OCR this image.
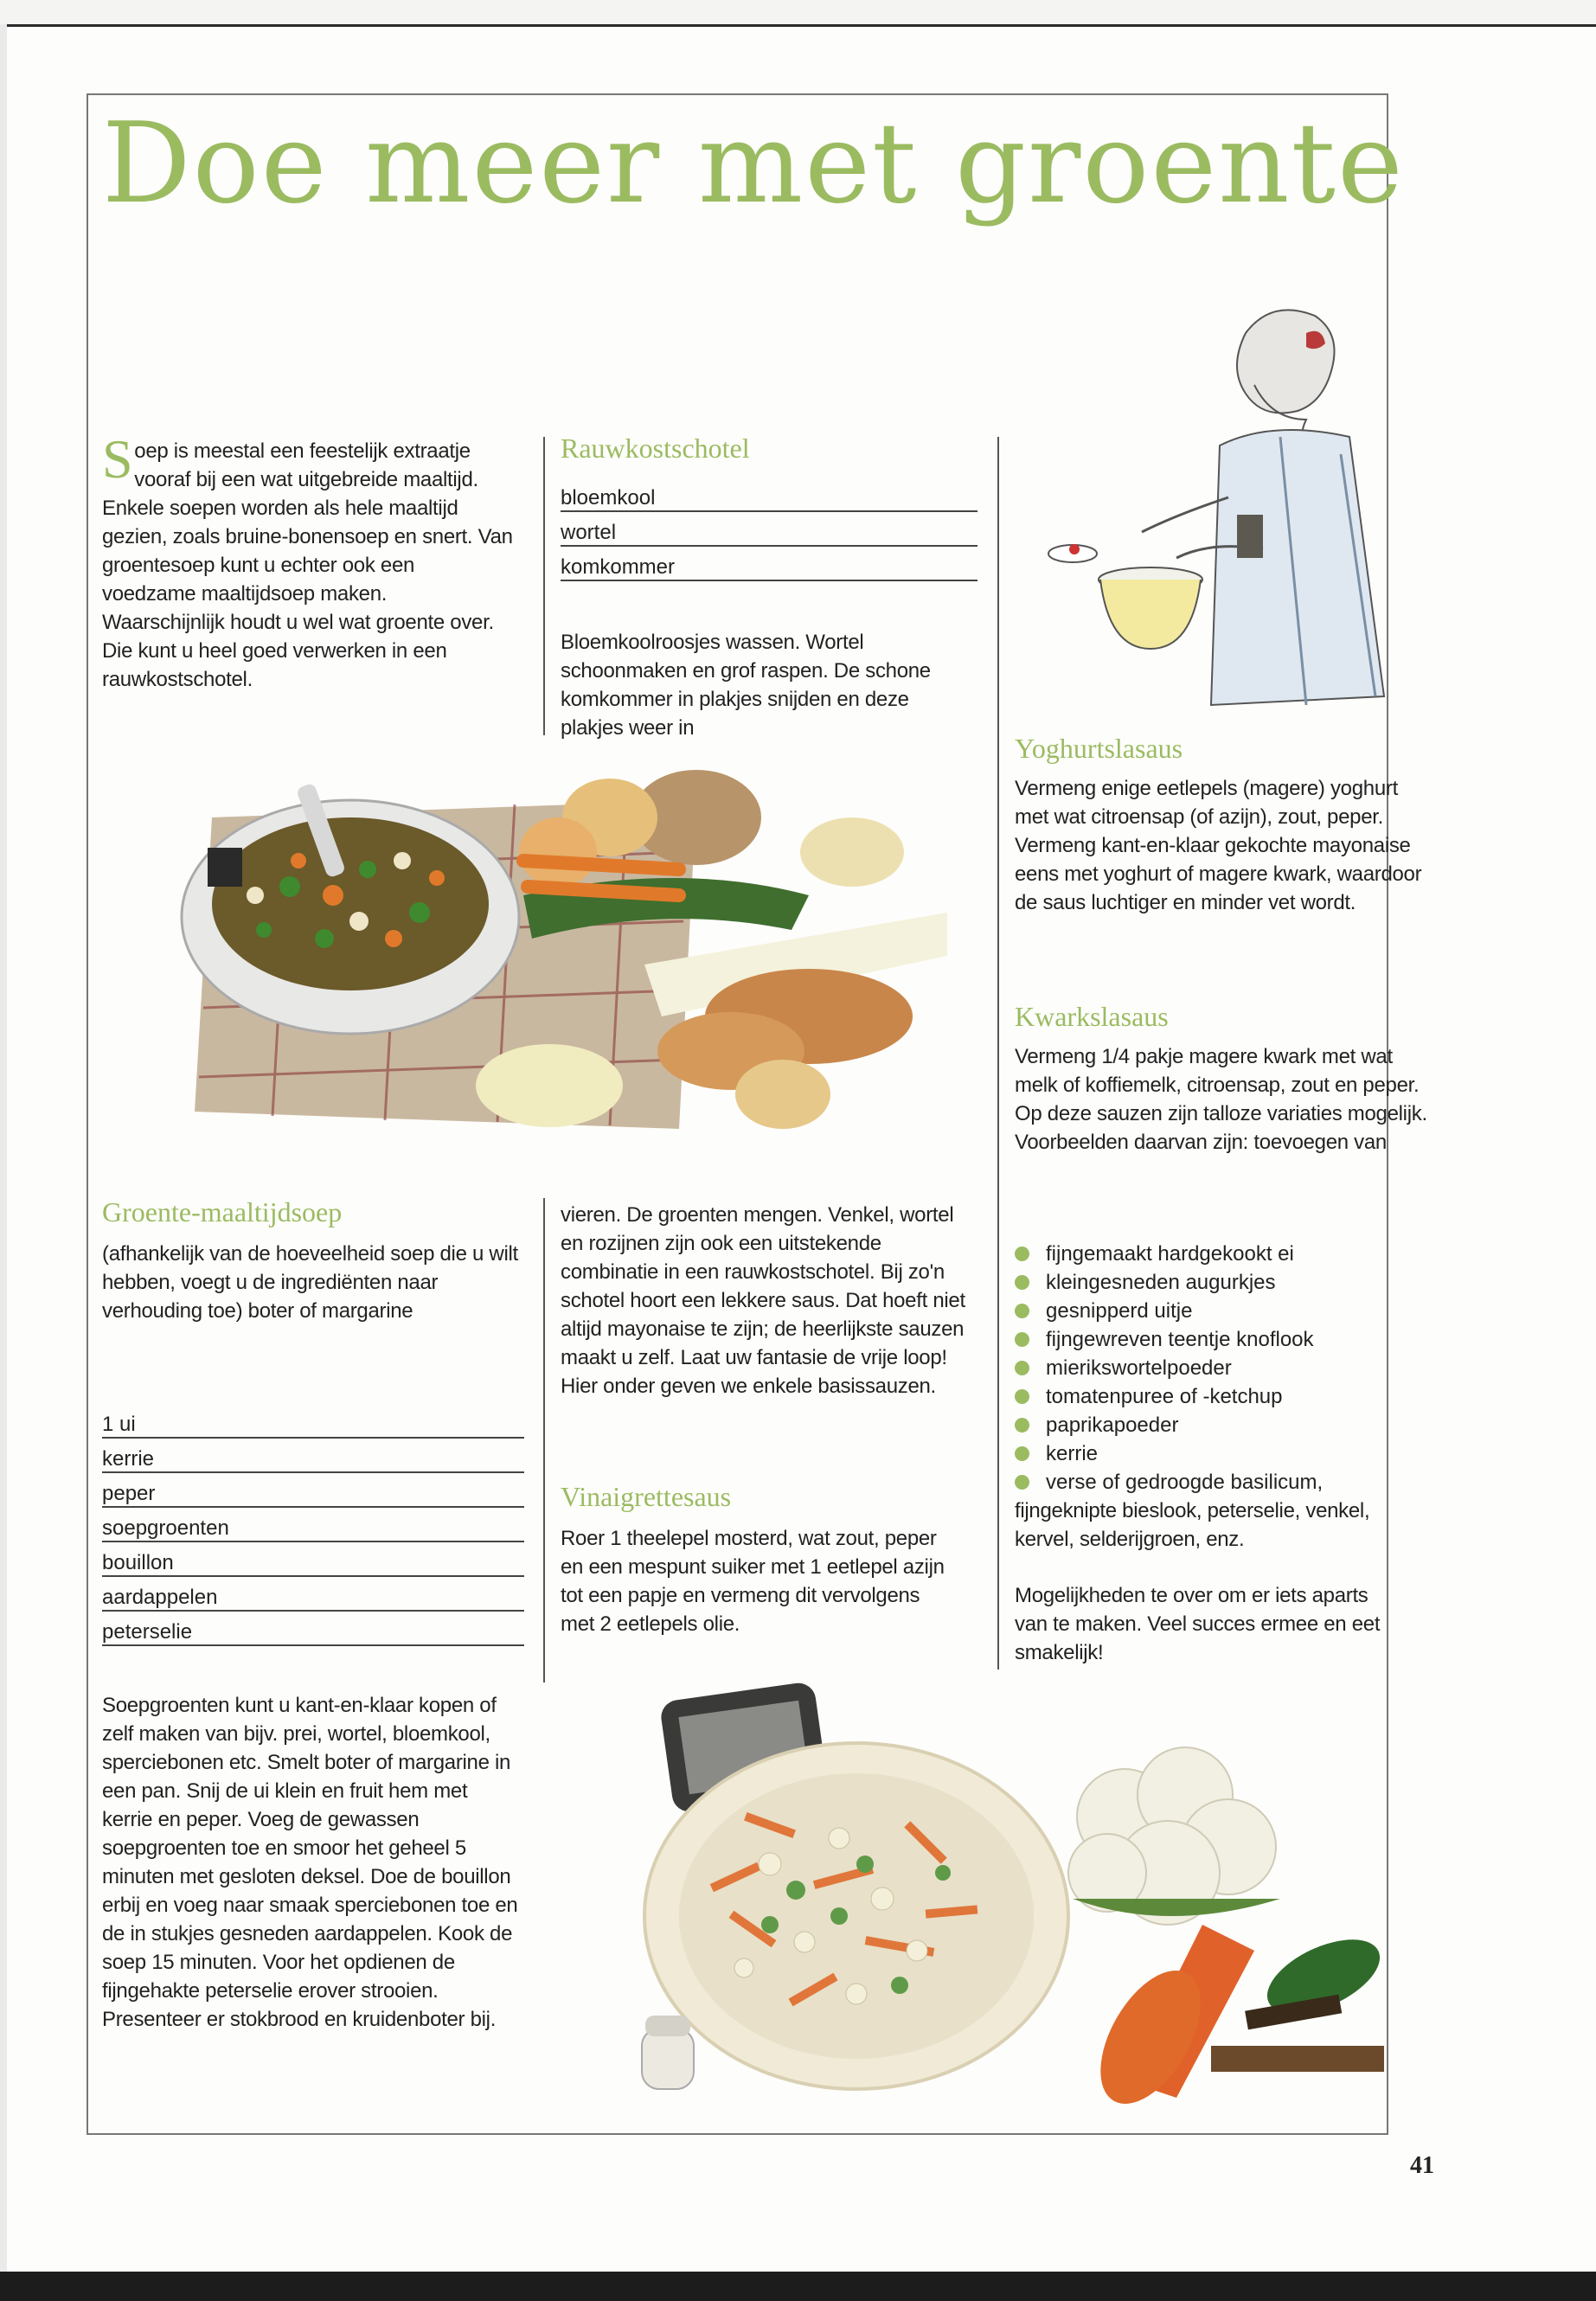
Doe meer met groente
Soep is meestal een feestelijk extraatje vooraf bij een wat uitgebreide maaltijd. Enkele soepen worden als hele maaltijd gezien, zoals bruine-bonensoep en snert. Van groentesoep kunt u echter ook een voedzame maaltijdsoep maken. Waarschijnlijk houdt u wel wat groente over. Die kunt u heel goed verwerken in een rauwkostschotel.
Rauwkostschotel
bloemkool
wortel
komkommer
Bloemkoolroosjes wassen. Wortel schoonmaken en grof raspen. De schone komkommer in plakjes snijden en deze plakjes weer in
Groente-maaltijdsoep
(afhankelijk van de hoeveelheid soep die u wilt hebben, voegt u de ingrediënten naar verhouding toe) boter of margarine
1 ui
kerrie
peper
soepgroenten
bouillon
aardappelen
peterselie
Soepgroenten kunt u kant-en-klaar kopen of zelf maken van bijv. prei, wortel, bloemkool, sperciebonen etc. Smelt boter of margarine in een pan. Snij de ui klein en fruit hem met kerrie en peper. Voeg de gewassen soepgroenten toe en smoor het geheel 5 minuten met gesloten deksel. Doe de bouillon erbij en voeg naar smaak sperciebonen toe en de in stukjes gesneden aardappelen. Kook de soep 15 minuten. Voor het opdienen de fijngehakte peterselie erover strooien. Presenteer er stokbrood en kruidenboter bij.
vieren. De groenten mengen. Venkel, wortel en rozijnen zijn ook een uitstekende combinatie in een rauwkostschotel. Bij zo'n schotel hoort een lekkere saus. Dat hoeft niet altijd mayonaise te zijn; de heerlijkste sauzen maakt u zelf. Laat uw fantasie de vrije loop! Hier onder geven we enkele basissauzen.
Vinaigrettesaus
Roer 1 theelepel mosterd, wat zout, peper en een mespunt suiker met 1 eetlepel azijn tot een papje en vermeng dit vervolgens met 2 eetlepels olie.
Yoghurtslasaus
Vermeng enige eetlepels (magere) yoghurt met wat citroensap (of azijn), zout, peper. Vermeng kant-en-klaar gekochte mayonaise eens met yoghurt of magere kwark, waardoor de saus luchtiger en minder vet wordt.
Kwarkslasaus
Vermeng 1/4 pakje magere kwark met wat melk of koffiemelk, citroensap, zout en peper. Op deze sauzen zijn talloze variaties mogelijk. Voorbeelden daarvan zijn: toevoegen van
fijngemaakt hardgekookt ei
kleingesneden augurkjes
gesnipperd uitje
fijngewreven teentje knoflook
mierikswortelpoeder
tomatenpuree of -ketchup
paprikapoeder
kerrie
verse of gedroogde basilicum,
fijngeknipte bieslook, peterselie, venkel, kervel, selderijgroen, enz.
Mogelijkheden te over om er iets aparts van te maken. Veel succes ermee en eet smakelijk!
41
